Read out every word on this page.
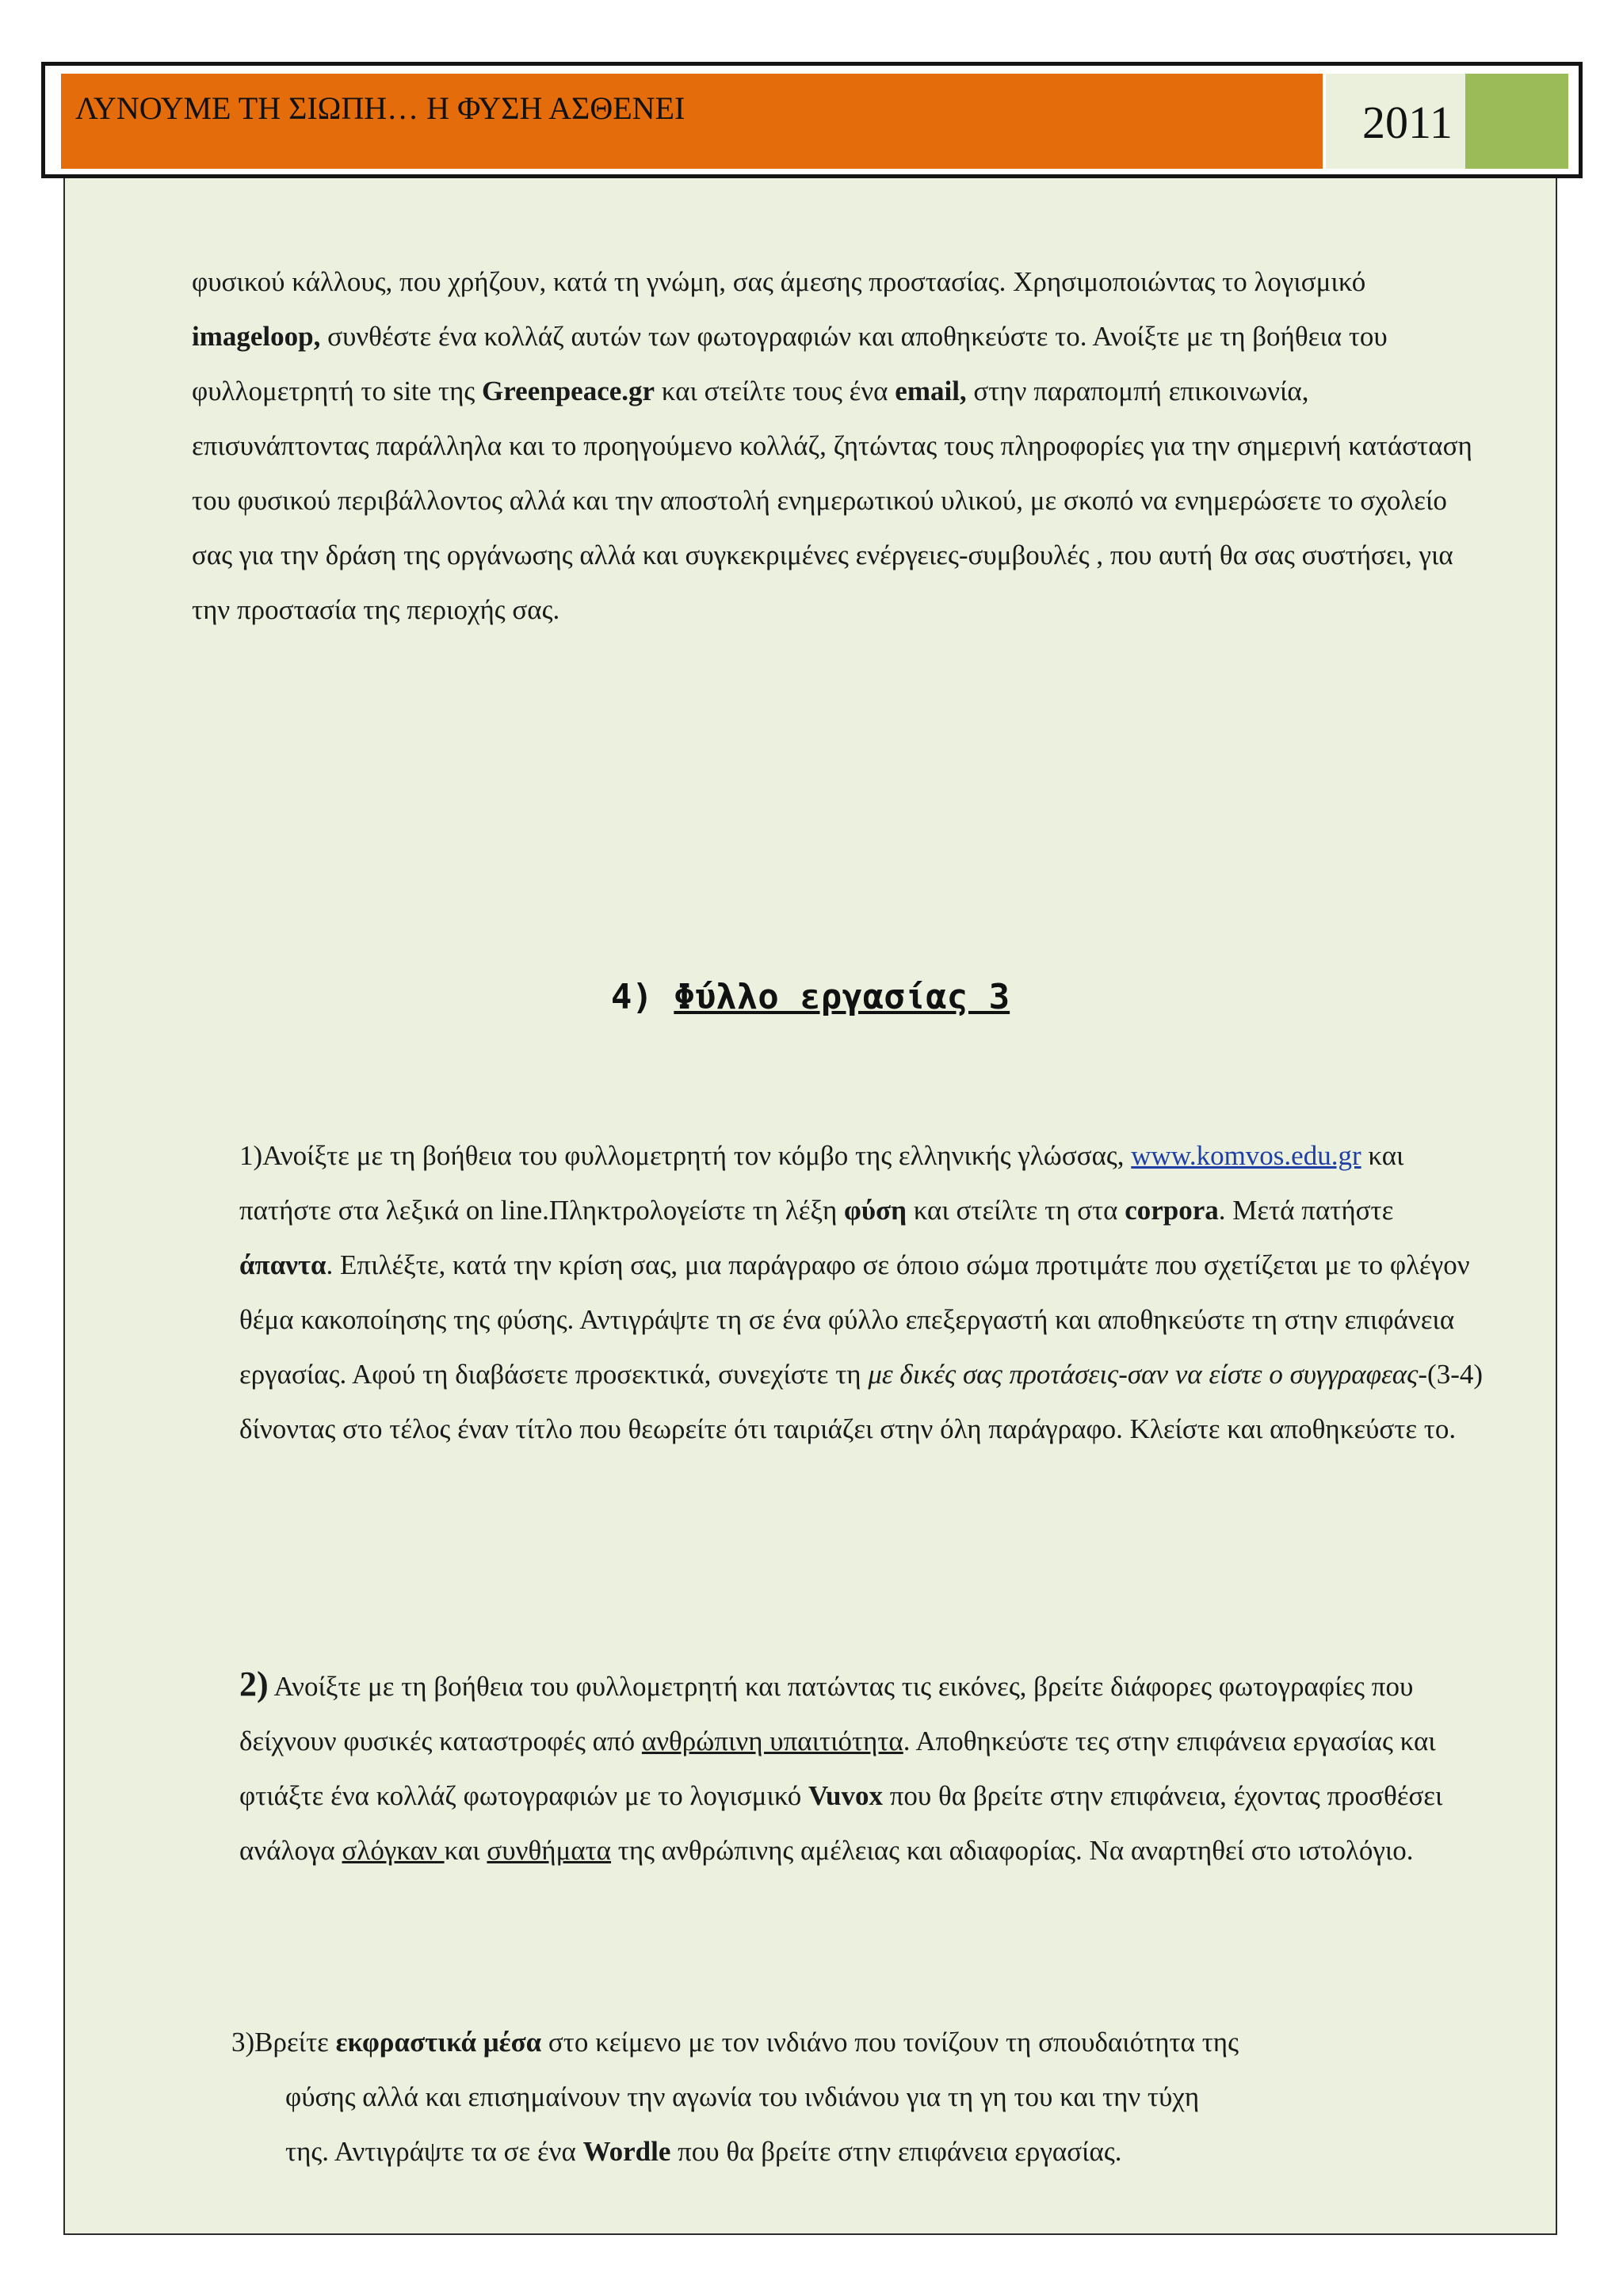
ΛΥΝΟΥΜΕ ΤΗ ΣΙΩΠΗ… Η ΦΥΣΗ ΑΣΘΕΝΕΙ	2011

φυσικού κάλλους, που χρήζουν, κατά τη γνώμη, σας άμεσης προστασίας. Χρησιμοποιώντας το λογισμικό imageloop, συνθέστε ένα κολλάζ αυτών των φωτογραφιών και αποθηκεύστε το. Ανοίξτε με τη βοήθεια του φυλλομετρητή το site της Greenpeace.gr και στείλτε τους ένα email, στην παραπομπή επικοινωνία, επισυνάπτοντας παράλληλα και το προηγούμενο κολλάζ, ζητώντας τους πληροφορίες για την σημερινή κατάσταση του φυσικού περιβάλλοντος αλλά και την αποστολή ενημερωτικού υλικού, με σκοπό να ενημερώσετε το σχολείο σας για την δράση της οργάνωσης αλλά και συγκεκριμένες ενέργειες-συμβουλές , που αυτή θα σας συστήσει, για την προστασία της περιοχής σας.

4) Φύλλο εργασίας 3

1)Ανοίξτε με τη βοήθεια του φυλλομετρητή τον κόμβο της ελληνικής γλώσσας, www.komvos.edu.gr και πατήστε στα λεξικά on line.Πληκτρολογείστε τη λέξη φύση και στείλτε τη στα corpora. Μετά πατήστε άπαντα. Επιλέξτε, κατά την κρίση σας, μια παράγραφο σε όποιο σώμα προτιμάτε που σχετίζεται με το φλέγον θέμα κακοποίησης της φύσης. Αντιγράψτε τη σε ένα φύλλο επεξεργαστή και αποθηκεύστε τη στην επιφάνεια εργασίας. Αφού τη διαβάσετε προσεκτικά, συνεχίστε τη με δικές σας προτάσεις-σαν να είστε ο συγγραφεας-(3-4) δίνοντας στο τέλος έναν τίτλο που θεωρείτε ότι ταιριάζει στην όλη παράγραφο. Κλείστε και αποθηκεύστε το.

2) Ανοίξτε με τη βοήθεια του φυλλομετρητή και πατώντας τις εικόνες, βρείτε διάφορες φωτογραφίες που δείχνουν φυσικές καταστροφές από ανθρώπινη υπαιτιότητα. Αποθηκεύστε τες στην επιφάνεια εργασίας και φτιάξτε ένα κολλάζ φωτογραφιών με το λογισμικό Vuvox που θα βρείτε στην επιφάνεια, έχοντας προσθέσει ανάλογα σλόγκαν και συνθήματα της ανθρώπινης αμέλειας και αδιαφορίας. Να αναρτηθεί στο ιστολόγιο.

3)Βρείτε εκφραστικά μέσα στο κείμενο με τον ινδιάνο που τονίζουν τη σπουδαιότητα της
φύσης αλλά και επισημαίνουν την αγωνία του ινδιάνου για τη γη του και την τύχη
της. Αντιγράψτε τα σε ένα Wordle που θα βρείτε στην επιφάνεια εργασίας.
